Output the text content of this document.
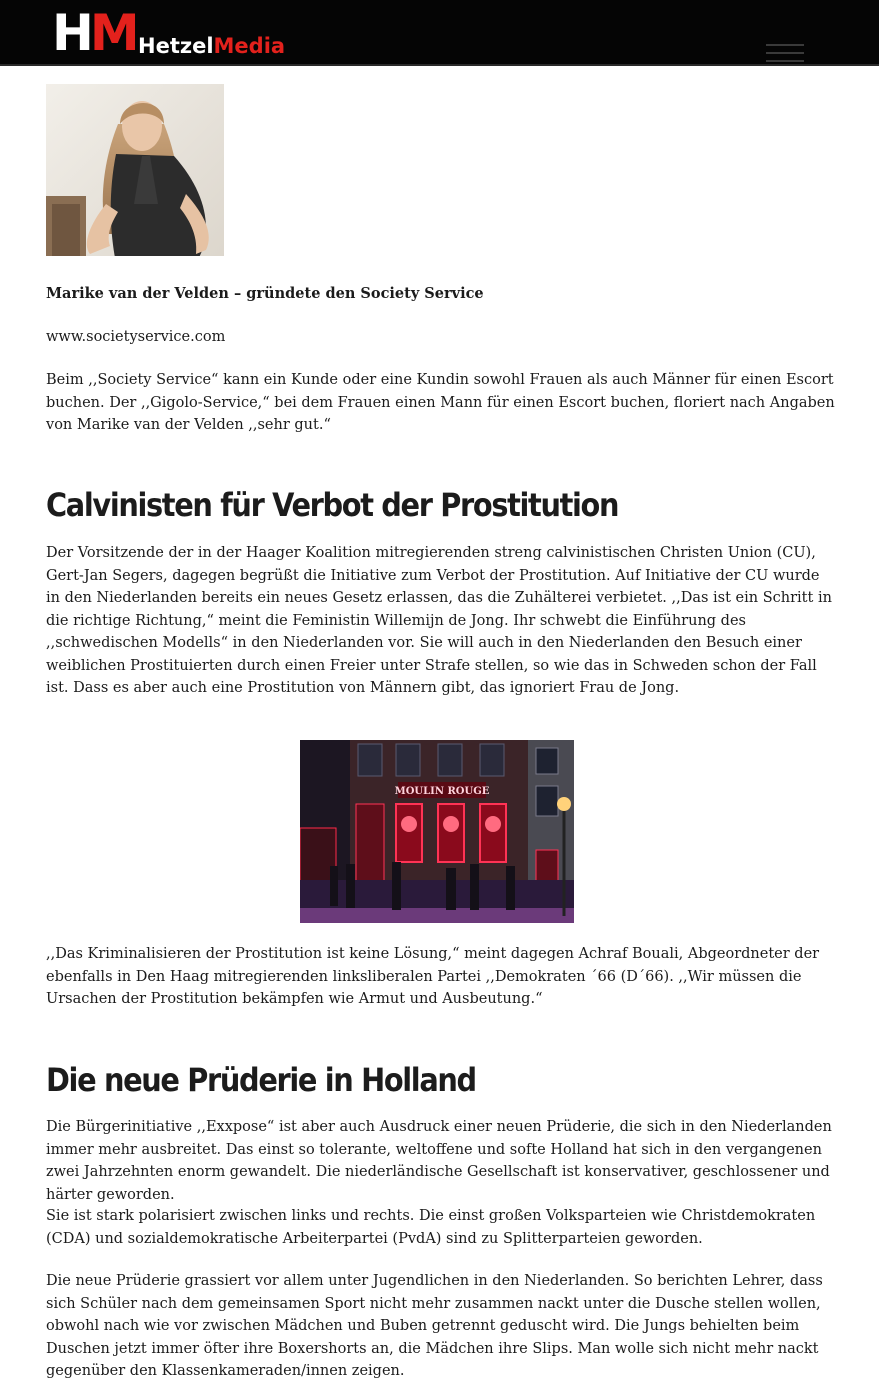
HM HetzelMedia

Marike van der Velden – gründete den Society Service

www.societyservice.com

Beim ,,Society Service“ kann ein Kunde oder eine Kundin sowohl Frauen als auch Männer für einen Escort buchen. Der ,,Gigolo-Service,“ bei dem Frauen einen Mann für einen Escort buchen, floriert nach Angaben von Marike van der Velden ,,sehr gut.“

Calvinisten für Verbot der Prostitution

Der Vorsitzende der in der Haager Koalition mitregierenden streng calvinistischen Christen Union (CU), Gert-Jan Segers, dagegen begrüßt die Initiative zum Verbot der Prostitution. Auf Initiative der CU wurde in den Niederlanden bereits ein neues Gesetz erlassen, das die Zuhälterei verbietet. ,,Das ist ein Schritt in die richtige Richtung,“ meint die Feministin Willemijn de Jong. Ihr schwebt die Einführung des ,,schwedischen Modells“ in den Niederlanden vor. Sie will auch in den Niederlanden den Besuch einer weiblichen Prostituierten durch einen Freier unter Strafe stellen, so wie das in Schweden schon der Fall ist. Dass es aber auch eine Prostitution von Männern gibt, das ignoriert Frau de Jong.

MOULIN ROUGE

,,Das Kriminalisieren der Prostitution ist keine Lösung,“ meint dagegen Achraf Bouali, Abgeordneter der ebenfalls in Den Haag mitregierenden linksliberalen Partei ,,Demokraten ´66 (D´66). ,,Wir müssen die Ursachen der Prostitution bekämpfen wie Armut und Ausbeutung.“

Die neue Prüderie in Holland

Die Bürgerinitiative ,,Exxpose“ ist aber auch Ausdruck einer neuen Prüderie, die sich in den Niederlanden immer mehr ausbreitet. Das einst so tolerante, weltoffene und softe Holland hat sich in den vergangenen zwei Jahrzehnten enorm gewandelt. Die niederländische Gesellschaft ist konservativer, geschlossener und härter geworden.

Sie ist stark polarisiert zwischen links und rechts. Die einst großen Volksparteien wie Christdemokraten (CDA) und sozialdemokratische Arbeiterpartei (PvdA) sind zu Splitterparteien geworden.

Die neue Prüderie grassiert vor allem unter Jugendlichen in den Niederlanden. So berichten Lehrer, dass sich Schüler nach dem gemeinsamen Sport nicht mehr zusammen nackt unter die Dusche stellen wollen, obwohl nach wie vor zwischen Mädchen und Buben getrennt geduscht wird. Die Jungs behielten beim Duschen jetzt immer öfter ihre Boxershorts an, die Mädchen ihre Slips. Man wolle sich nicht mehr nackt gegenüber den Klassenkameraden/innen zeigen.
